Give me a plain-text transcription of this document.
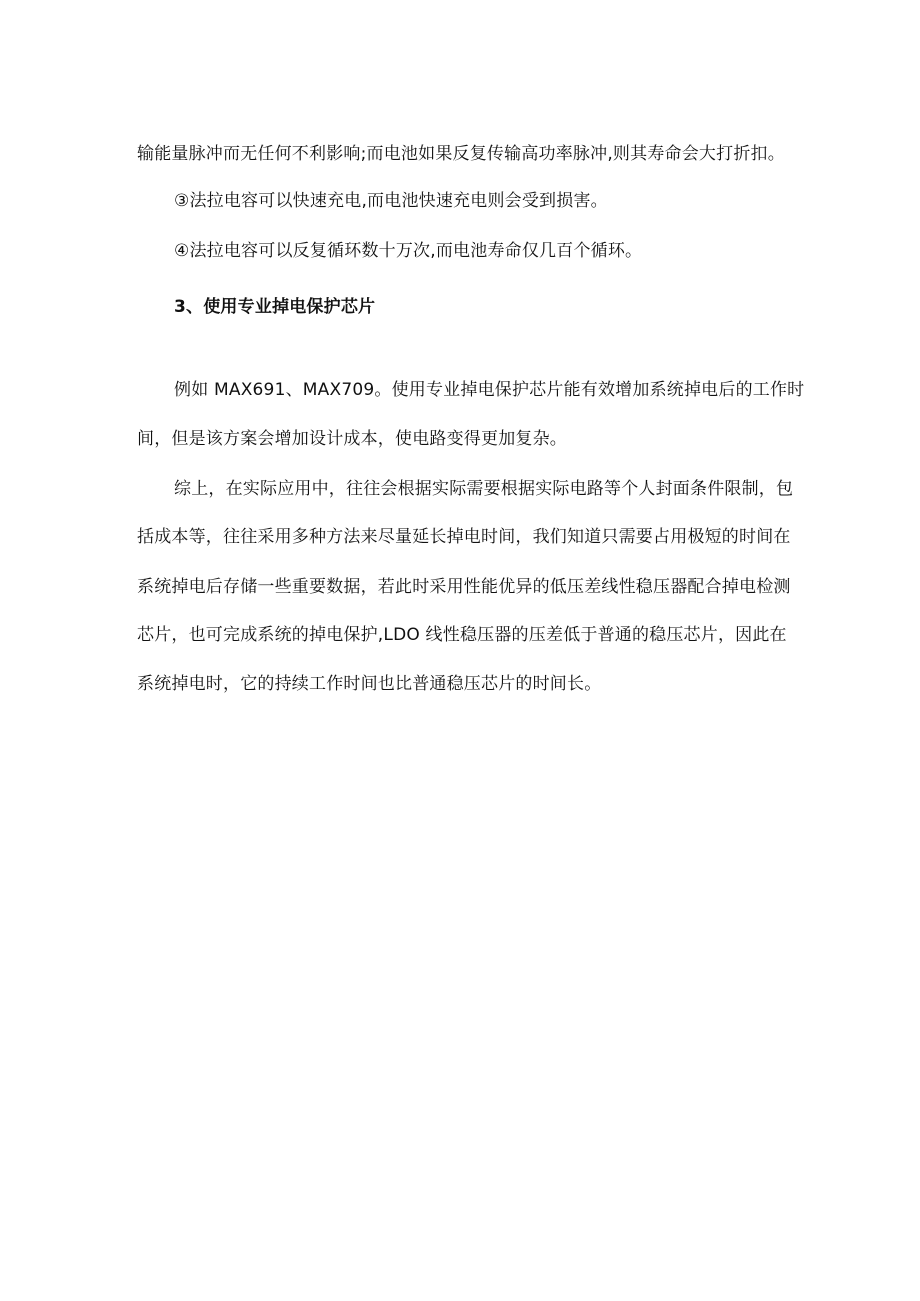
输能量脉冲而无任何不利影响;而电池如果反复传输高功率脉冲,则其寿命会大打折扣。
③法拉电容可以快速充电,而电池快速充电则会受到损害。
④法拉电容可以反复循环数十万次,而电池寿命仅几百个循环。
3、使用专业掉电保护芯片
例如 MAX691、MAX709。使用专业掉电保护芯片能有效增加系统掉电后的工作时
间，但是该方案会增加设计成本，使电路变得更加复杂。
综上，在实际应用中，往往会根据实际需要根据实际电路等个人封面条件限制，包
括成本等，往往采用多种方法来尽量延长掉电时间，我们知道只需要占用极短的时间在
系统掉电后存储一些重要数据，若此时采用性能优异的低压差线性稳压器配合掉电检测
芯片，也可完成系统的掉电保护,LDO 线性稳压器的压差低于普通的稳压芯片，因此在
系统掉电时，它的持续工作时间也比普通稳压芯片的时间长。
